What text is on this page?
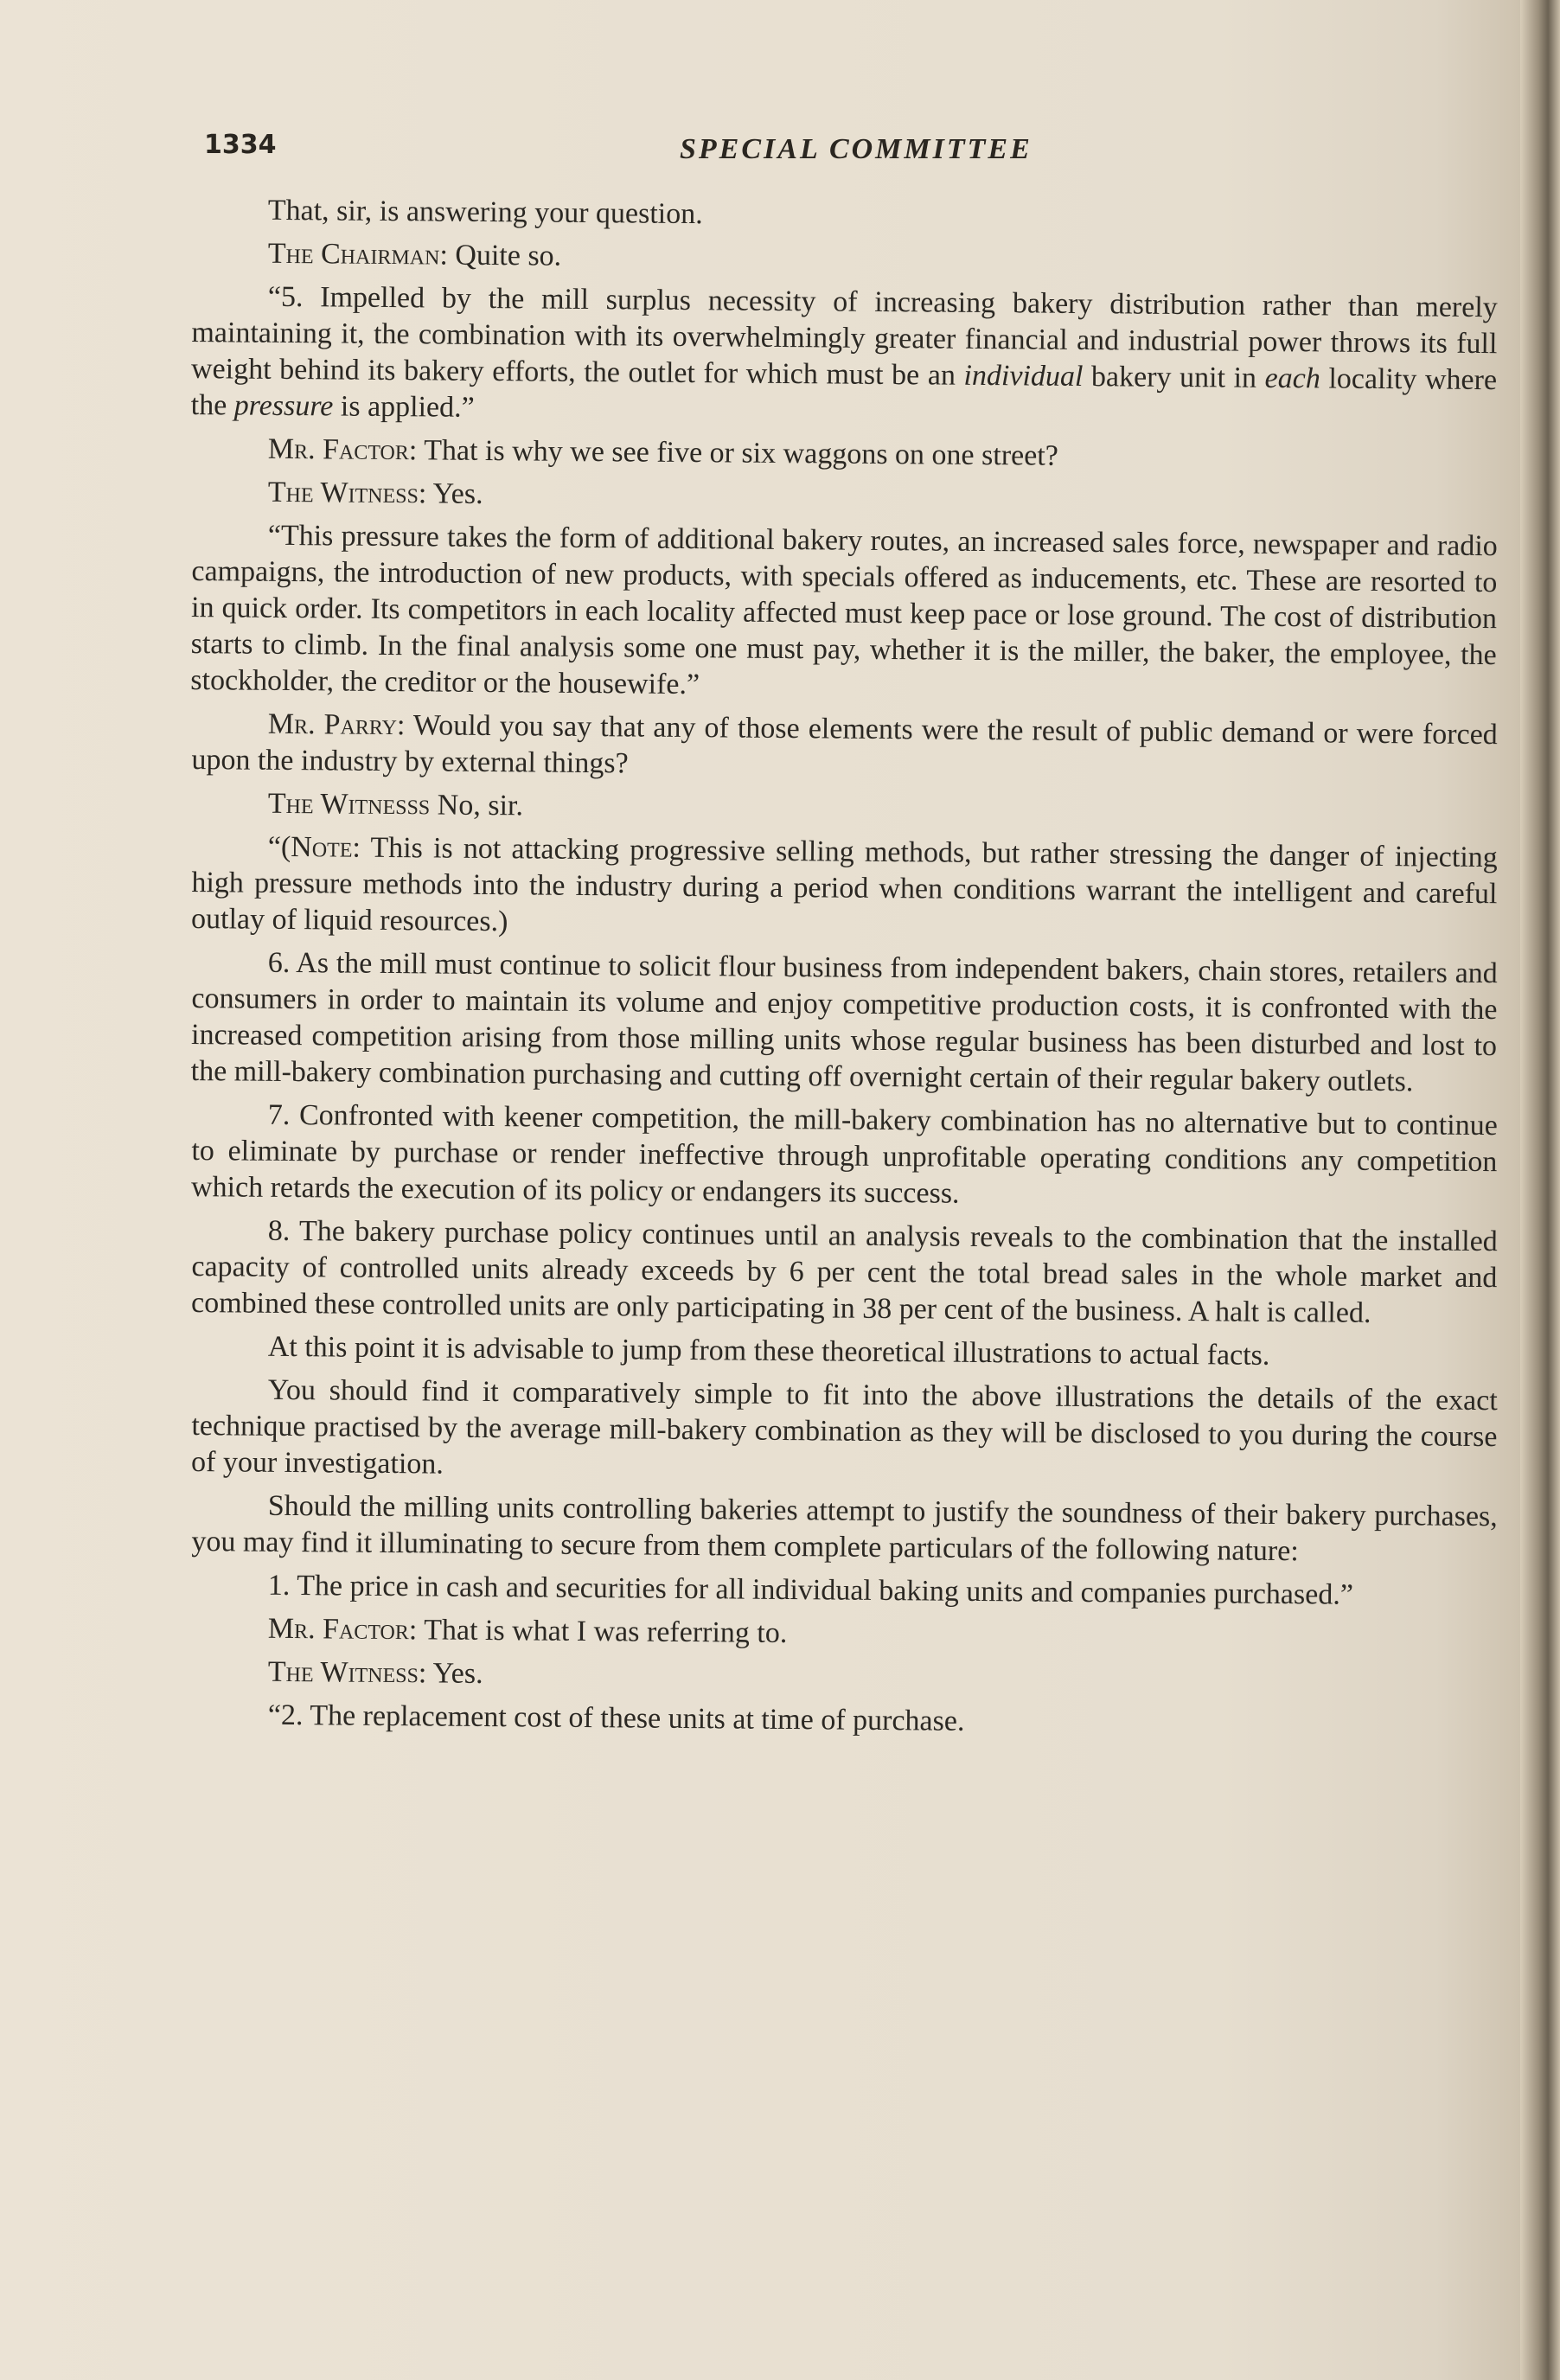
1334	SPECIAL COMMITTEE

That, sir, is answering your question.

The Chairman: Quite so.

“5. Impelled by the mill surplus necessity of increasing bakery distribution rather than merely maintaining it, the combination with its overwhelmingly greater financial and industrial power throws its full weight behind its bakery efforts, the outlet for which must be an individual bakery unit in each locality where the pressure is applied.”

Mr. Factor: That is why we see five or six waggons on one street?

The Witness: Yes.

“This pressure takes the form of additional bakery routes, an increased sales force, newspaper and radio campaigns, the introduction of new products, with specials offered as inducements, etc. These are resorted to in quick order. Its competitors in each locality affected must keep pace or lose ground. The cost of distribution starts to climb. In the final analysis some one must pay, whether it is the miller, the baker, the employee, the stockholder, the creditor or the housewife.”

Mr. Parry: Would you say that any of those elements were the result of public demand or were forced upon the industry by external things?

The Witnesss No, sir.

“(Note: This is not attacking progressive selling methods, but rather stressing the danger of injecting high pressure methods into the industry during a period when conditions warrant the intelligent and careful outlay of liquid resources.)

6. As the mill must continue to solicit flour business from independent bakers, chain stores, retailers and consumers in order to maintain its volume and enjoy competitive production costs, it is confronted with the increased competition arising from those milling units whose regular business has been disturbed and lost to the mill-bakery combination purchasing and cutting off overnight certain of their regular bakery outlets.

7. Confronted with keener competition, the mill-bakery combination has no alternative but to continue to eliminate by purchase or render ineffective through unprofitable operating conditions any competition which retards the execution of its policy or endangers its success.

8. The bakery purchase policy continues until an analysis reveals to the combination that the installed capacity of controlled units already exceeds by 6 per cent the total bread sales in the whole market and combined these controlled units are only participating in 38 per cent of the business. A halt is called.

At this point it is advisable to jump from these theoretical illustrations to actual facts.

You should find it comparatively simple to fit into the above illustrations the details of the exact technique practised by the average mill-bakery combination as they will be disclosed to you during the course of your investigation.

Should the milling units controlling bakeries attempt to justify the soundness of their bakery purchases, you may find it illuminating to secure from them complete particulars of the following nature:

1. The price in cash and securities for all individual baking units and companies purchased.”

Mr. Factor: That is what I was referring to.

The Witness: Yes.

“2. The replacement cost of these units at time of purchase.
